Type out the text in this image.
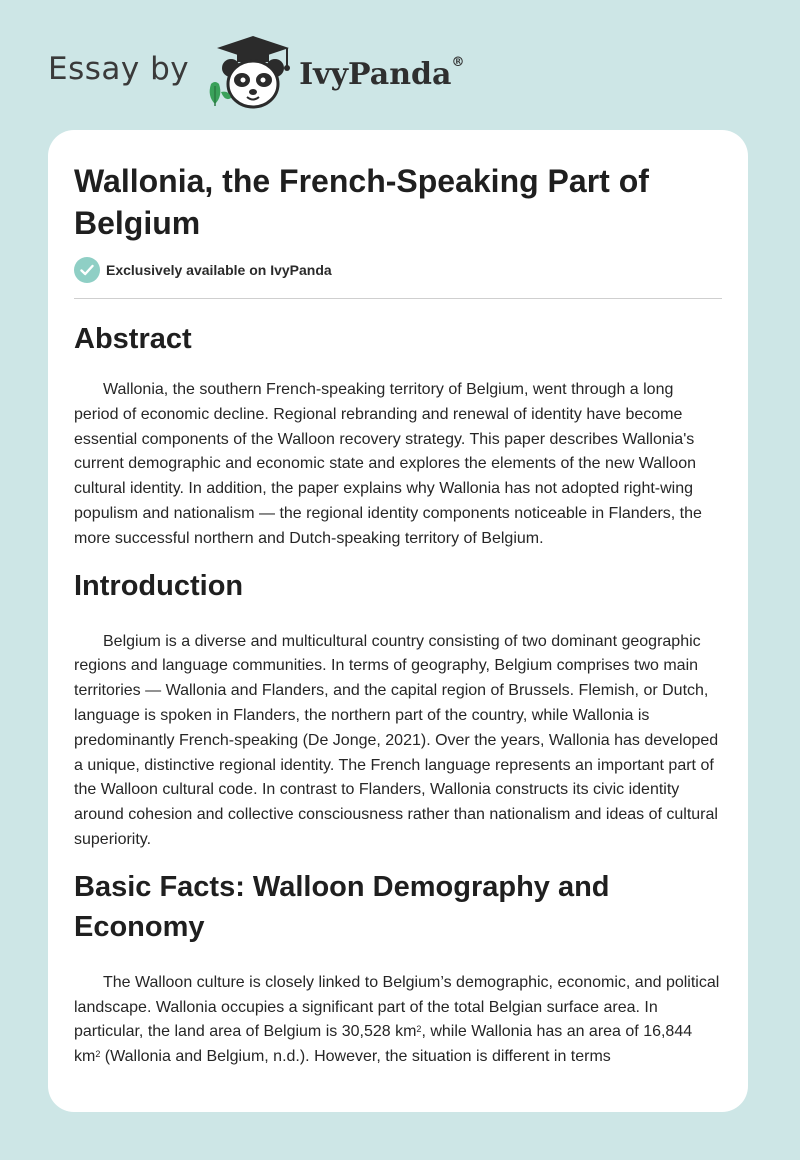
Essay by	IvyPanda®
Wallonia, the French-Speaking Part of Belgium
Exclusively available on IvyPanda
Abstract

Wallonia, the southern French-speaking territory of Belgium, went through a long period of economic decline. Regional rebranding and renewal of identity have become essential components of the Walloon recovery strategy. This paper describes Wallonia's current demographic and economic state and explores the elements of the new Walloon cultural identity. In addition, the paper explains why Wallonia has not adopted right-wing populism and nationalism — the regional identity components noticeable in Flanders, the more successful northern and Dutch-speaking territory of Belgium.

Introduction

Belgium is a diverse and multicultural country consisting of two dominant geographic regions and language communities. In terms of geography, Belgium comprises two main territories — Wallonia and Flanders, and the capital region of Brussels. Flemish, or Dutch, language is spoken in Flanders, the northern part of the country, while Wallonia is predominantly French-speaking (De Jonge, 2021). Over the years, Wallonia has developed a unique, distinctive regional identity. The French language represents an important part of the Walloon cultural code. In contrast to Flanders, Wallonia constructs its civic identity around cohesion and collective consciousness rather than nationalism and ideas of cultural superiority.

Basic Facts: Walloon Demography and Economy

The Walloon culture is closely linked to Belgium’s demographic, economic, and political landscape. Wallonia occupies a significant part of the total Belgian surface area. In particular, the land area of Belgium is 30,528 $km^2$, while Wallonia has an area of 16,844 $km^2$ (Wallonia and Belgium, n.d.). However, the situation is different in terms
